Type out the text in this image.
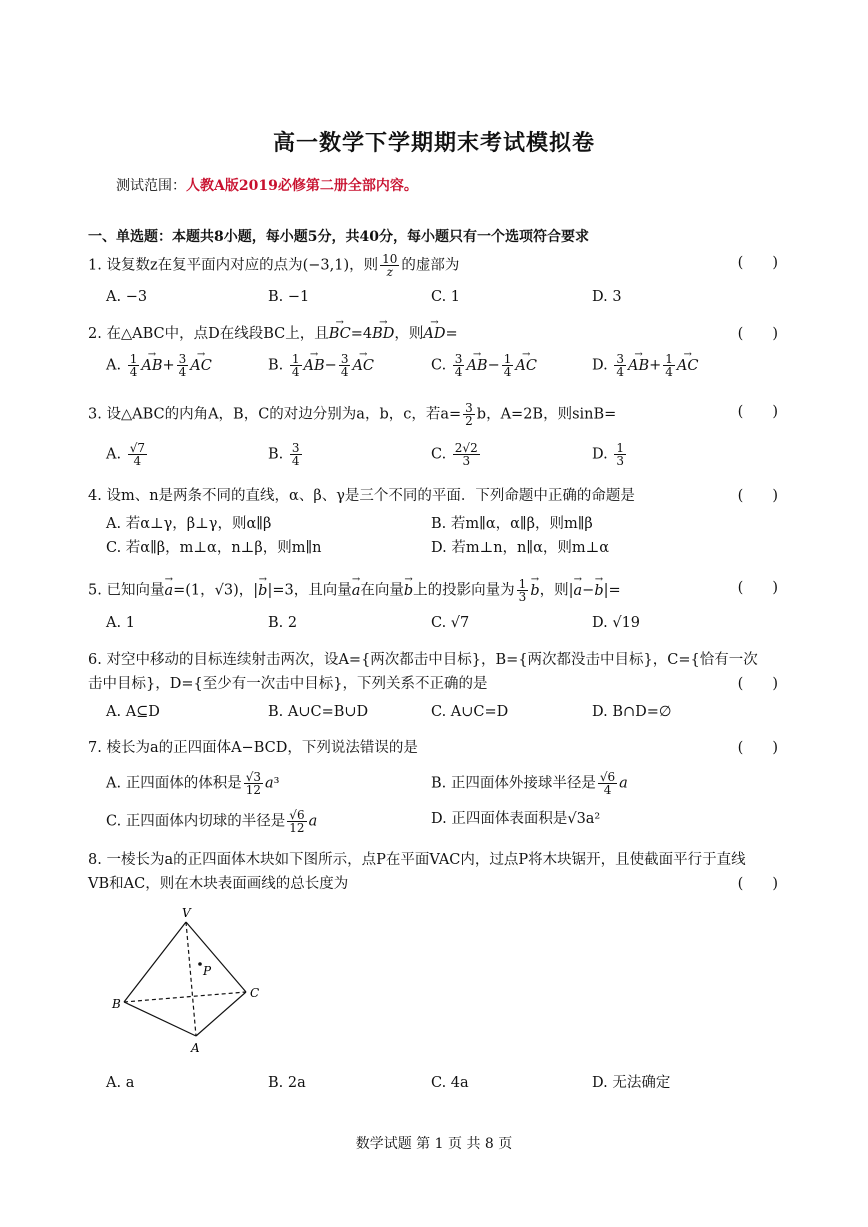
高一数学下学期期末考试模拟卷
测试范围：人教A版2019必修第二册全部内容。
一、单选题：本题共8小题，每小题5分，共40分，每小题只有一个选项符合要求
1. 设复数z在复平面内对应的点为(−3,1)，则 $\frac{10}{z}$ 的虚部为	(　　)
A. −3	B. −1	C. 1	D. 3
2. 在△ABC中，点D在线段BC上，且→ BC=4→ BD，则→ AD=	(　　)
A. $\frac{1}{4}$
→ $AB+ \frac{3}{4}$
→ AC	B. $\frac{1}{4}$
→ $AB- \frac{3}{4}$
→ AC	C. $\frac{3}{4}$
→ $AB- \frac{1}{4}$
→ AC	D. $\frac{3}{4}$
→ $AB+ \frac{1}{4}$
→ AC
3. 设△ABC的内角A，B，C的对边分别为a，b，c，若$a= \frac{3}{2}$ b，A=2B，则sinB=	(　　)
A. $\frac{√7}{4}$	B. $\frac{3}{4}$	C. $\frac{2√2}{3}$	D. $\frac{1}{3}$
4. 设m、n是两条不同的直线，α、β、γ是三个不同的平面．下列命题中正确的命题是	(　　)
A. 若α⊥γ，β⊥γ，则α∥β	B. 若m∥α，α∥β，则m∥β
C. 若α∥β，m⊥α，n⊥β，则m∥n	D. 若m⊥n，n∥α，则m⊥α
5. 已知向量→ a=(1，√3)，|→ b|=3，且向量→ a在向量→ b上的投影向量为 $\frac{1}{3}$
→ b，则|→ a−→ b|=	(　　)
A. 1	B. 2	C. √7	D. √19
6. 对空中移动的目标连续射击两次，设A={两次都击中目标}，B={两次都没击中目标}，C={恰有一次
击中目标}，D={至少有一次击中目标}，下列关系不正确的是	(　　)
A. A⊆D	B. A∪C=B∪D	C. A∪C=D	D. B∩D=∅
7. 棱长为a的正四面体A−BCD，下列说法错误的是	(　　)
A. 正四面体的体积是 $\frac{√3}{12} a^3$	B. 正四面体外接球半径是 $\frac{√6}{4}$ a
C. 正四面体内切球的半径是 $\frac{√6}{12}$ a	D. 正四面体表面积是√3a²
8. 一棱长为a的正四面体木块如下图所示，点P在平面VAC内，过点P将木块锯开，且使截面平行于直线
VB和AC，则在木块表面画线的总长度为	(　　)
V
P
B
C
A
A. a	B. 2a	C. 4a	D. 无法确定
数学试题 第 1 页 共 8 页
